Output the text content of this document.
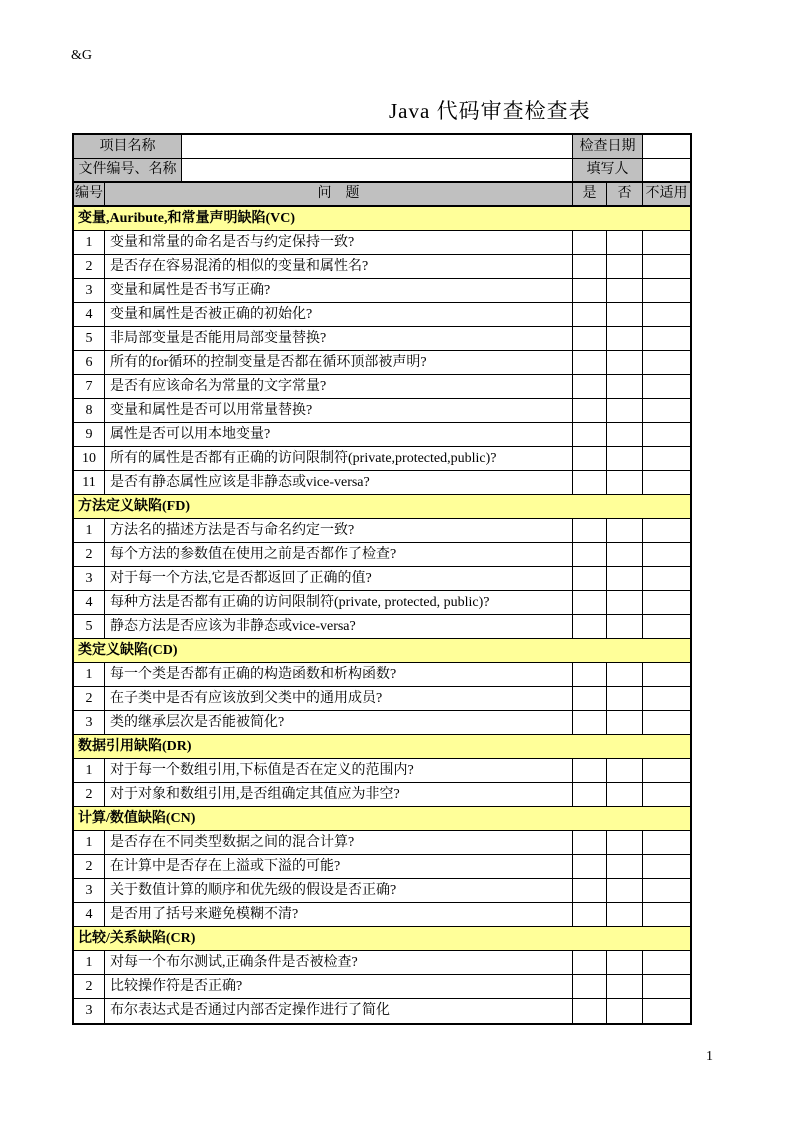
&G
Java 代码审查检查表
项目名称	检查日期
文件编号、名称	填写人
编号	问　题	是	否	不适用
变量,Auribute,和常量声明缺陷(VC)
1	变量和常量的命名是否与约定保持一致?
2	是否存在容易混淆的相似的变量和属性名?
3	变量和属性是否书写正确?
4	变量和属性是否被正确的初始化?
5	非局部变量是否能用局部变量替换?
6	所有的for循环的控制变量是否都在循环顶部被声明?
7	是否有应该命名为常量的文字常量?
8	变量和属性是否可以用常量替换?
9	属性是否可以用本地变量?
10	所有的属性是否都有正确的访问限制符(private,protected,public)?
11	是否有静态属性应该是非静态或vice-versa?
方法定义缺陷(FD)
1	方法名的描述方法是否与命名约定一致?
2	每个方法的参数值在使用之前是否都作了检查?
3	对于每一个方法,它是否都返回了正确的值?
4	每种方法是否都有正确的访问限制符(private, protected, public)?
5	静态方法是否应该为非静态或vice-versa?
类定义缺陷(CD)
1	每一个类是否都有正确的构造函数和析构函数?
2	在子类中是否有应该放到父类中的通用成员?
3	类的继承层次是否能被简化?
数据引用缺陷(DR)
1	对于每一个数组引用,下标值是否在定义的范围内?
2	对于对象和数组引用,是否组确定其值应为非空?
计算/数值缺陷(CN)
1	是否存在不同类型数据之间的混合计算?
2	在计算中是否存在上溢或下溢的可能?
3	关于数值计算的顺序和优先级的假设是否正确?
4	是否用了括号来避免模糊不清?
比较/关系缺陷(CR)
1	对每一个布尔测试,正确条件是否被检查?
2	比较操作符是否正确?
3	布尔表达式是否通过内部否定操作进行了简化
1
